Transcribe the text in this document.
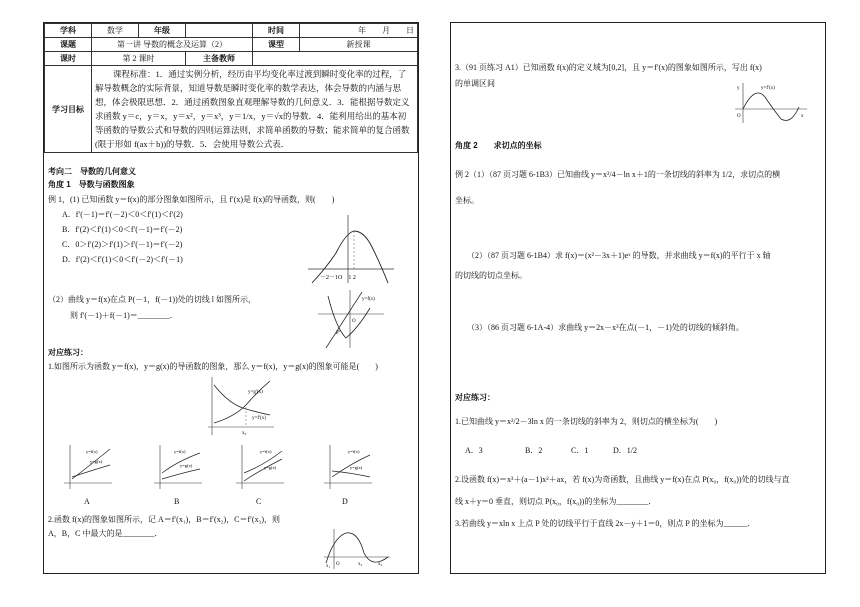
学科	数学	年级		时间	年　　月　　日
课题	第一讲 导数的概念及运算（2）			课型	新授课
课时	第 2 课时		主备教师		
学习目标	课程标准：1．通过实例分析，经历由平均变化率过渡到瞬时变化率的过程，了解导数概念的实际背景，知道导数是瞬时变化率的数学表达，体会导数的内涵与思想，体会极限思想．2．通过函数图象直观理解导数的几何意义．3．能根据导数定义求函数 y＝c，y＝x，y＝x²，y＝x³，y＝1/x，y＝√x的导数．4．能利用给出的基本初等函数的导数公式和导数的四则运算法则，求简单函数的导数；能求简单的复合函数(限于形如 f(ax＋b))的导数．5．会使用导数公式表．				
考向二　导数的几何意义
角度 1　导数与函数图象
例 1，(1) 已知函数 y＝f(x)的部分图象如图所示，且 f′(x)是 f(x)的导函数，则(　　)
A．f′(－1)＝f′(－2)＜0＜f′(1)＜f′(2)
B．f′(2)＜f′(1)＜0＜f′(－1)＝f′(－2)
C．0＞f′(2)＞f′(1)＞f′(－1)＝f′(－2)
D．f′(2)＜f′(1)＜0＜f′(－2)＜f′(－1)
－2－1O　1 2
（2）曲线 y＝f(x)在点 P(－1，f(－1))处的切线 l 如图所示，
则 f′(－1)＋f(－1)＝________．
y=f(x)
P
O
对应练习：
1.如图所示为函数 y＝f(x)，y＝g(x)的导函数的图象，那么 y＝f(x)，y＝g(x)的图象可能是(　　)
y=g′(x)
y=f′(x)
x₀
y=f(x)
y=g(x)
y=f(x)
y=g(x)
y=f(x)
y=g(x)
y=f(x)
y=g(x)
A	B	C	D
2.函数 f(x)的图象如图所示，记 A＝f′(x₁)，B＝f′(x₂)，C＝f′(x₃)，则
A，B，C 中最大的是________．
x₁ O	x₂	x₃
3.（91 页练习 A1）已知函数 f(x)的定义域为[0,2]，且 y＝f′(x)的图象如图所示，写出 f(x)
的单调区间
y=f′(x)
O	x
y
角度 2　　求切点的坐标
例 2（1）（87 页习题 6-1B3）已知曲线 y＝x²/4－ln x＋1的一条切线的斜率为 1/2，求切点的横
坐标。
（2）（87 页习题 6-1B4）求 f(x)＝(x²－3x＋1)eˣ 的导数，并求曲线 y＝f(x)的平行于 x 轴
的切线的切点坐标。
（3）（86 页习题 6-1A-4）求曲线 y＝2x－x³在点(－1，－1)处的切线的倾斜角。
对应练习：
1.已知曲线 y＝x²/2－3ln x 的一条切线的斜率为 2，则切点的横坐标为(　　)
A．3	B．2	C．1	D．1/2
2.设函数 f(x)＝x³＋(a－1)x²＋ax，若 f(x)为奇函数，且曲线 y＝f(x)在点 P(x₀，f(x₀))处的切线与直
线 x＋y＝0 垂直，则切点 P(x₀，f(x₀))的坐标为________．
3.若曲线 y＝xln x 上点 P 处的切线平行于直线 2x－y＋1＝0，则点 P 的坐标为______．
